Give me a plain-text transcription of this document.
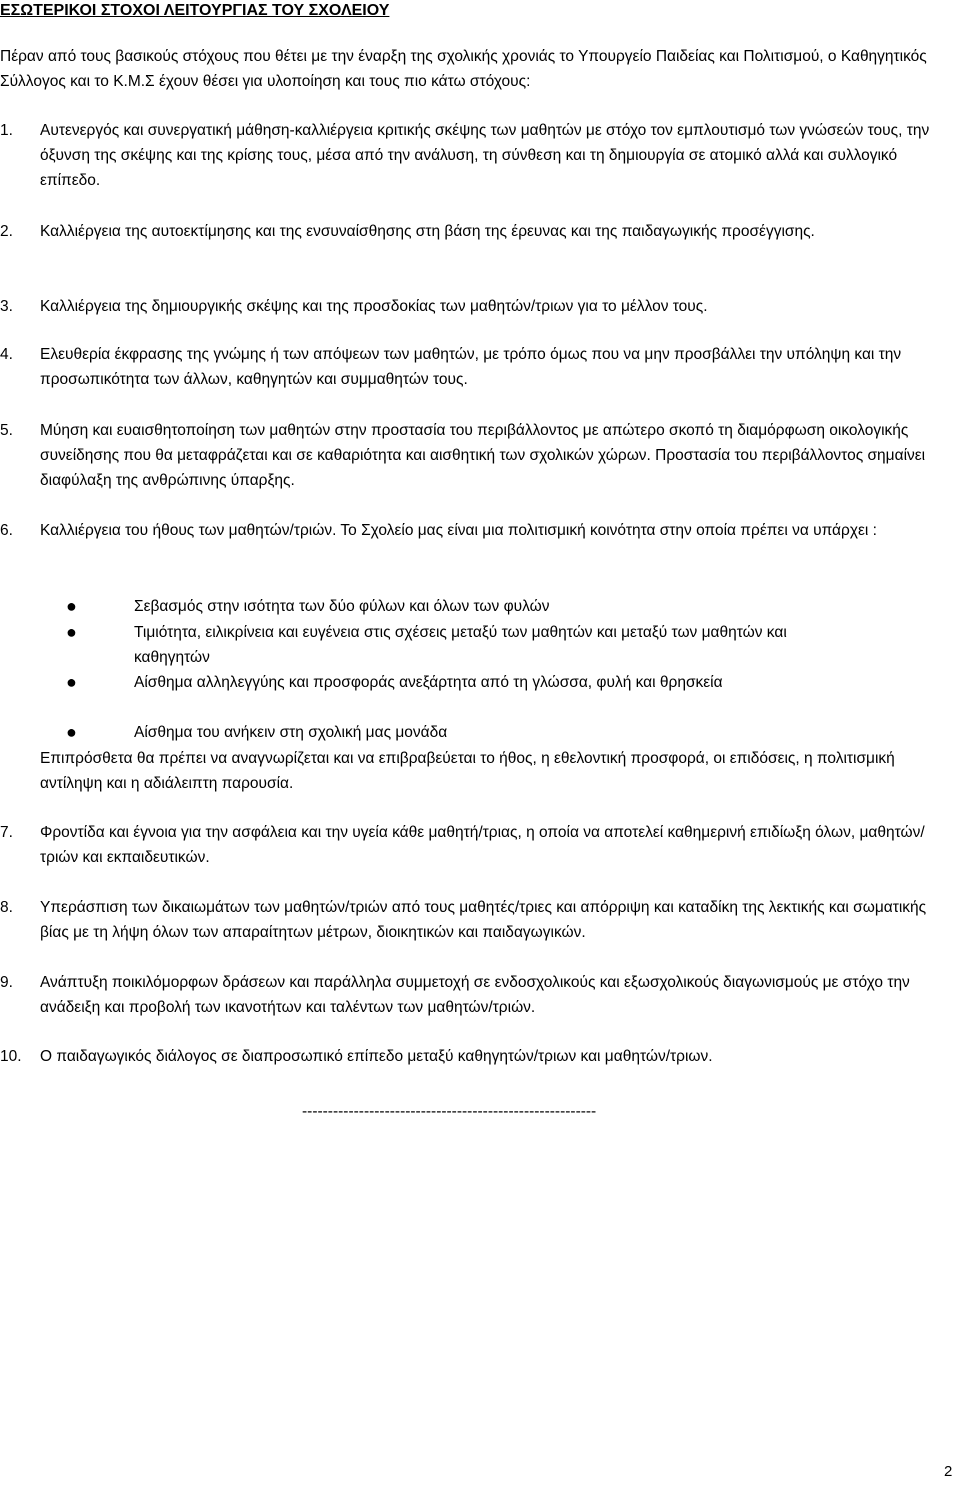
ΕΣΩΤΕΡΙΚΟΙ ΣΤΟΧΟΙ ΛΕΙΤΟΥΡΓΙΑΣ ΤΟΥ ΣΧΟΛΕΙΟΥ
Πέραν από τους βασικούς στόχους που θέτει με την έναρξη της σχολικής χρονιάς το Υπουργείο Παιδείας και Πολιτισμού, ο Καθηγητικός Σύλλογος και το Κ.Μ.Σ έχουν θέσει για υλοποίηση και τους πιο κάτω στόχους:
1.	Αυτενεργός και συνεργατική μάθηση-καλλιέργεια κριτικής σκέψης των μαθητών με στόχο τον εμπλουτισμό των γνώσεών τους, την όξυνση της σκέψης και της κρίσης τους, μέσα από την ανάλυση, τη σύνθεση και τη δημιουργία σε ατομικό αλλά και συλλογικό επίπεδο.
2.	Καλλιέργεια της αυτοεκτίμησης και της ενσυναίσθησης στη βάση της έρευνας και της παιδαγωγικής προσέγγισης.
3.	Καλλιέργεια της δημιουργικής σκέψης και της προσδοκίας των μαθητών/τριων για το μέλλον τους.
4.	Ελευθερία έκφρασης της γνώμης ή των απόψεων των μαθητών, με τρόπο όμως που να μην προσβάλλει την υπόληψη και την προσωπικότητα των άλλων, καθηγητών και συμμαθητών τους.
5.	Μύηση και ευαισθητοποίηση των μαθητών στην προστασία του περιβάλλοντος με απώτερο σκοπό τη διαμόρφωση οικολογικής συνείδησης που θα μεταφράζεται και σε καθαριότητα και αισθητική των σχολικών χώρων. Προστασία του περιβάλλοντος σημαίνει διαφύλαξη της ανθρώπινης ύπαρξης.
6.	Καλλιέργεια του ήθους των μαθητών/τριών. Το Σχολείο μας είναι μια πολιτισμική κοινότητα στην οποία πρέπει να υπάρχει :
●	Σεβασμός στην ισότητα των δύο φύλων και όλων των φυλών
●	Τιμιότητα, ειλικρίνεια και ευγένεια στις σχέσεις μεταξύ των μαθητών και μεταξύ των μαθητών και καθηγητών
●	Αίσθημα αλληλεγγύης και προσφοράς ανεξάρτητα από τη γλώσσα, φυλή και θρησκεία
●	Αίσθημα του ανήκειν στη σχολική μας μονάδα
Επιπρόσθετα θα πρέπει να αναγνωρίζεται και να επιβραβεύεται το ήθος, η εθελοντική προσφορά, οι επιδόσεις, η πολιτισμική αντίληψη και η αδιάλειπτη παρουσία.
7.	Φροντίδα και έγνοια για την ασφάλεια και την υγεία κάθε μαθητή/τριας, η οποία να αποτελεί καθημερινή επιδίωξη όλων, μαθητών/τριών και εκπαιδευτικών.
8.	Υπεράσπιση των δικαιωμάτων των μαθητών/τριών από τους μαθητές/τριες και απόρριψη και καταδίκη της λεκτικής και σωματικής βίας με τη λήψη όλων των απαραίτητων μέτρων, διοικητικών και παιδαγωγικών.
9.	Ανάπτυξη ποικιλόμορφων δράσεων και παράλληλα συμμετοχή σε ενδοσχολικούς και εξωσχολικούς διαγωνισμούς με στόχο την ανάδειξη και προβολή των ικανοτήτων και ταλέντων των μαθητών/τριών.
10.	Ο παιδαγωγικός διάλογος σε διαπροσωπικό επίπεδο μεταξύ καθηγητών/τριων και μαθητών/τριων.
---------------------------------------------------------
2
